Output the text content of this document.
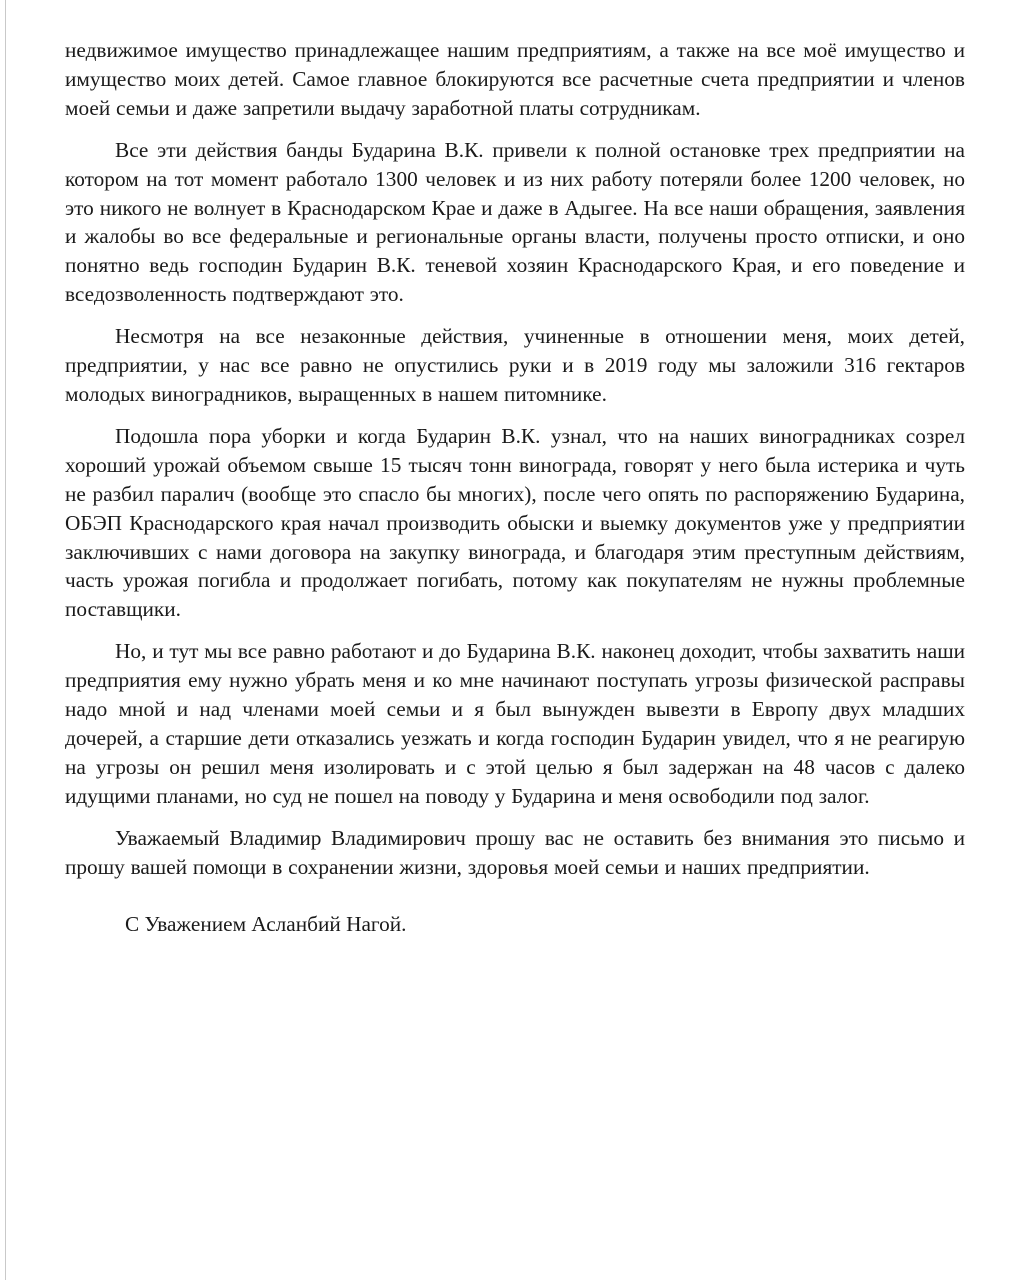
недвижимое имущество принадлежащее нашим предприятиям, а также на все моё имущество и имущество моих детей. Самое главное блокируются все расчетные счета предприятии и членов моей семьи и даже запретили выдачу заработной платы сотрудникам.

Все эти действия банды Бударина В.К. привели к полной остановке трех предприятии на котором на тот момент работало 1300 человек и из них работу потеряли более 1200 человек, но это никого не волнует в Краснодарском Крае и даже в Адыгее. На все наши обращения, заявления и жалобы во все федеральные и региональные органы власти, получены просто отписки, и оно понятно ведь господин Бударин В.К. теневой хозяин Краснодарского Края, и его поведение и вседозволенность подтверждают это.

Несмотря на все незаконные действия, учиненные в отношении меня, моих детей, предприятии, у нас все равно не опустились руки и в 2019 году мы заложили 316 гектаров молодых виноградников, выращенных в нашем питомнике.

Подошла пора уборки и когда Бударин В.К. узнал, что на наших виноградниках созрел хороший урожай объемом свыше 15 тысяч тонн винограда, говорят у него была истерика и чуть не разбил паралич (вообще это спасло бы многих), после чего опять по распоряжению Бударина, ОБЭП Краснодарского края начал производить обыски и выемку документов уже у предприятии заключивших с нами договора на закупку винограда, и благодаря этим преступным действиям, часть урожая погибла и продолжает погибать, потому как покупателям не нужны проблемные поставщики.

Но, и тут мы все равно работают и до Бударина В.К. наконец доходит, чтобы захватить наши предприятия ему нужно убрать меня и ко мне начинают поступать угрозы физической расправы надо мной и над членами моей семьи и я был вынужден вывезти в Европу двух младших дочерей, а старшие дети отказались уезжать и когда господин Бударин увидел, что я не реагирую на угрозы он решил меня изолировать и с этой целью я был задержан на 48 часов с далеко идущими планами, но суд не пошел на поводу у Бударина и меня освободили под залог.

Уважаемый Владимир Владимирович прошу вас не оставить без внимания это письмо и прошу вашей помощи в сохранении жизни, здоровья моей семьи и наших предприятии.

С Уважением Асланбий Нагой.
